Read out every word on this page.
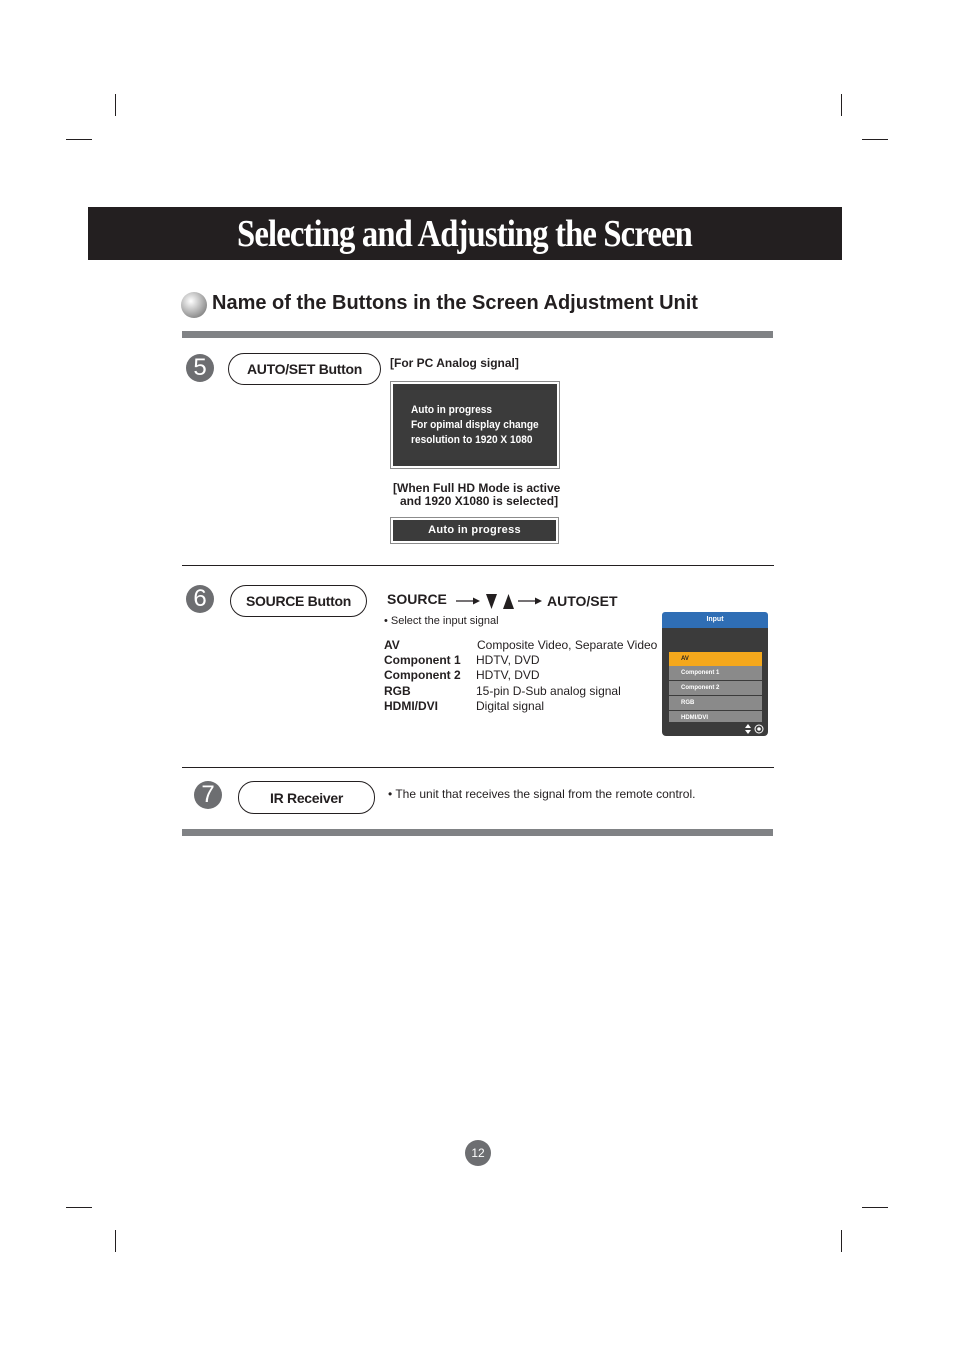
Selecting and Adjusting the Screen
Name of the Buttons in the Screen Adjustment Unit
5	AUTO/SET Button	[For PC Analog signal]
Auto in progress
For opimal display change
resolution to 1920 X 1080
[When Full HD Mode is active
and 1920 X1080 is selected]
Auto in progress
6	SOURCE Button	SOURCE	AUTO/SET
• Select the input signal
AV	Composite Video, Separate Video
Component 1 HDTV, DVD
Component 2 HDTV, DVD
RGB	15-pin D-Sub analog signal
HDMI/DVI	Digital signal
AV
Component 1
Component 2
RGB
HDMI/DVI
Input
7	IR Receiver	• The unit that receives the signal from the remote control.
12
